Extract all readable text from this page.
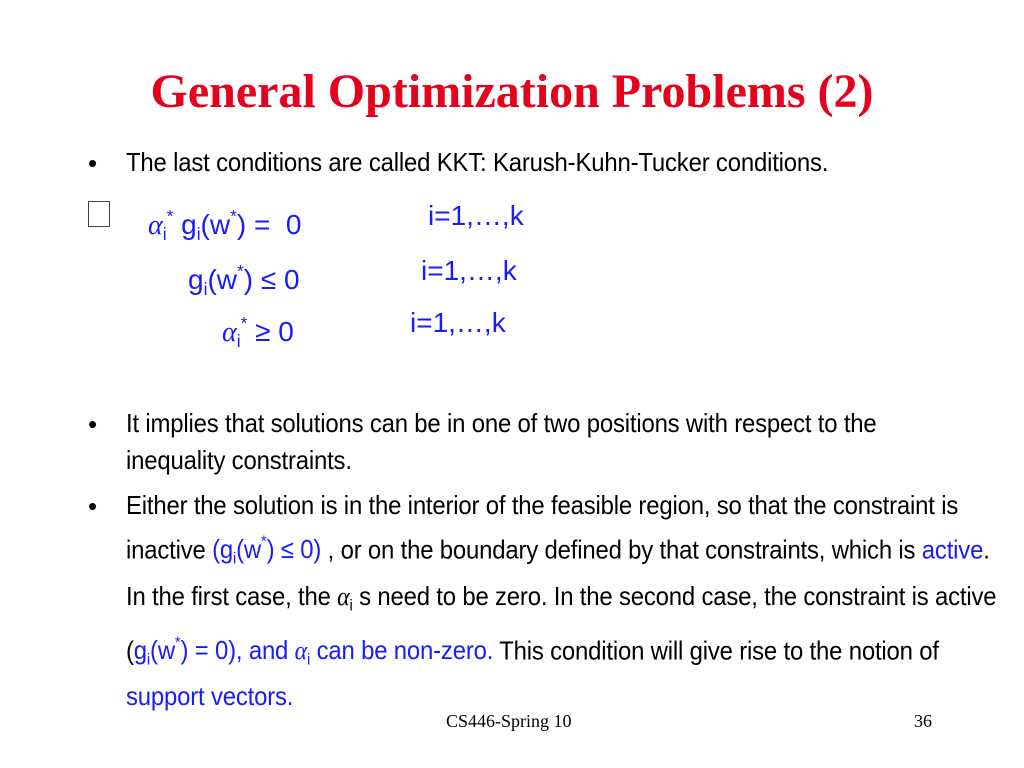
General Optimization Problems (2)
• The last conditions are called KKT: Karush-Kuhn-Tucker conditions.
$\alpha_i^*$ $g_i(w^*) = 0$	i=1,…,k
$g_i(w^*) \le 0$	i=1,…,k
$\alpha_i^* \ge 0$	i=1,…,k
• It implies that solutions can be in one of two positions with respect to the inequality constraints.
• Either the solution is in the interior of the feasible region, so that the constraint is inactive $(g_i(w^*) \le 0)$ , or on the boundary defined by that constraints, which is active. In the first case, the $\alpha_i$ s need to be zero. In the second case, the constraint is active $(g_i(w^*) = 0)$, and $\alpha_i$ can be non-zero. This condition will give rise to the notion of support vectors.
CS446-Spring 10	36
